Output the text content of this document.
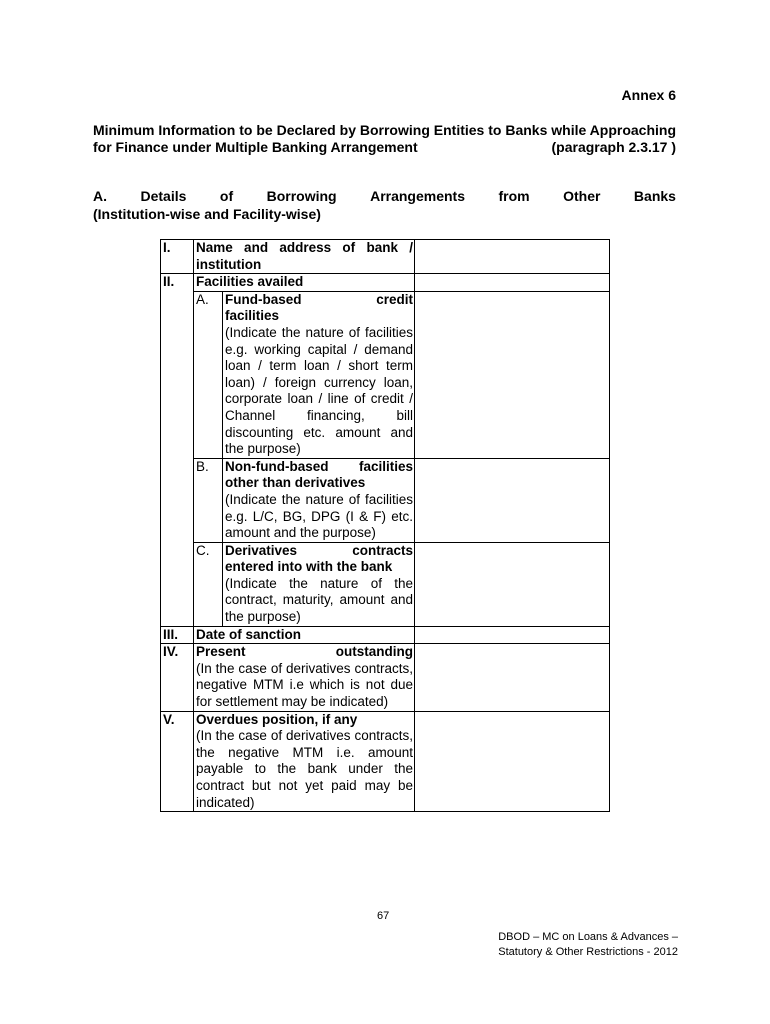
Annex 6

Minimum Information to be Declared by Borrowing Entities to Banks while Approaching for Finance under Multiple Banking Arrangement	(paragraph 2.3.17 )

A. Details of Borrowing Arrangements from Other Banks
(Institution-wise and Facility-wise)
I.	Name and address of bank / institution		

II.	Facilities availed		

	A.	Fund-based credit
facilities
(Indicate the nature of facilities e.g. working capital / demand loan / term loan / short term loan) / foreign currency loan, corporate loan / line of credit / Channel financing, bill discounting etc. amount and the purpose)	
	B.	Non-fund-based facilities other than derivatives
(Indicate the nature of facilities e.g. L/C, BG, DPG (I & F) etc. amount and the purpose)	
	C.	Derivatives contracts entered into with the bank
(Indicate the nature of the contract, maturity, amount and the purpose)	
III.	Date of sanction		

IV.	Present outstanding
(In the case of derivatives contracts, negative MTM i.e which is not due for settlement may be indicated)		
V.	Overdues position, if any
(In the case of derivatives contracts, the negative MTM i.e. amount payable to the bank under the contract but not yet paid may be indicated)		
67
DBOD – MC on Loans & Advances –
Statutory & Other Restrictions - 2012
